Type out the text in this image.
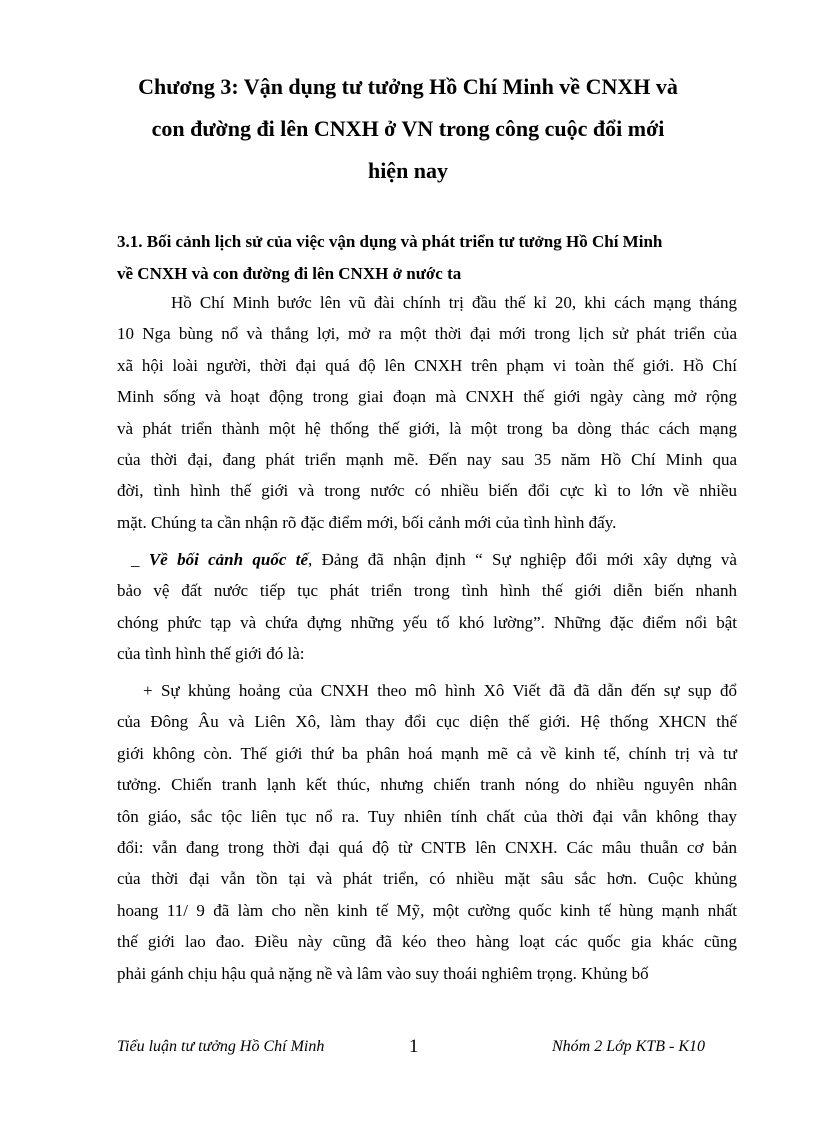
Chương 3: Vận dụng tư tưởng Hồ Chí Minh về CNXH và
con đường đi lên CNXH ở VN trong công cuộc đổi mới
hiện nay
3.1. Bối cảnh lịch sử của việc vận dụng và phát triển tư tưởng Hồ Chí Minh
về CNXH và con đường đi lên CNXH ở nước ta
Hồ Chí Minh bước lên vũ đài chính trị đầu thế kỉ 20, khi cách mạng tháng
10 Nga bùng nổ và thắng lợi, mở ra một thời đại mới trong lịch sử phát triển của
xã hội loài người, thời đại quá độ lên CNXH trên phạm vi toàn thế giới. Hồ Chí
Minh sống và hoạt động trong giai đoạn mà CNXH thế giới ngày càng mở rộng
và phát triển thành một hệ thống thế giới, là một trong ba dòng thác cách mạng
của thời đại, đang phát triển mạnh mẽ. Đến nay sau 35 năm Hồ Chí Minh qua
đời, tình hình thế giới và trong nước có nhiều biến đổi cực kì to lớn về nhiều
mặt. Chúng ta cần nhận rõ đặc điểm mới, bối cảnh mới của tình hình đấy.
_ Về bối cảnh quốc tế, Đảng đã nhận định “ Sự nghiệp đổi mới xây dựng và
bảo vệ đất nước tiếp tục phát triển trong tình hình thế giới diễn biến nhanh
chóng phức tạp và chứa đựng những yếu tố khó lường”. Những đặc điểm nổi bật
của tình hình thế giới đó là:
+ Sự khủng hoảng của CNXH theo mô hình Xô Viết đã đã dẫn đến sự sụp đổ
của Đông Âu và Liên Xô, làm thay đổi cục diện thế giới. Hệ thống XHCN thế
giới không còn. Thế giới thứ ba phân hoá mạnh mẽ cả về kinh tế, chính trị và tư
tưởng. Chiến tranh lạnh kết thúc, nhưng chiến tranh nóng do nhiều nguyên nhân
tôn giáo, sắc tộc liên tục nổ ra. Tuy nhiên tính chất của thời đại vẫn không thay
đổi: vẫn đang trong thời đại quá độ từ CNTB lên CNXH. Các mâu thuẫn cơ bản
của thời đại vẫn tồn tại và phát triển, có nhiều mặt sâu sắc hơn. Cuộc khủng
hoang 11/ 9 đã làm cho nền kinh tế Mỹ, một cường quốc kinh tế hùng mạnh nhất
thế giới lao đao. Điều này cũng đã kéo theo hàng loạt các quốc gia khác cũng
phải gánh chịu hậu quả nặng nề và lâm vào suy thoái nghiêm trọng. Khủng bố
Tiểu luận tư tưởng Hồ Chí Minh	1	Nhóm 2 Lớp KTB - K10
